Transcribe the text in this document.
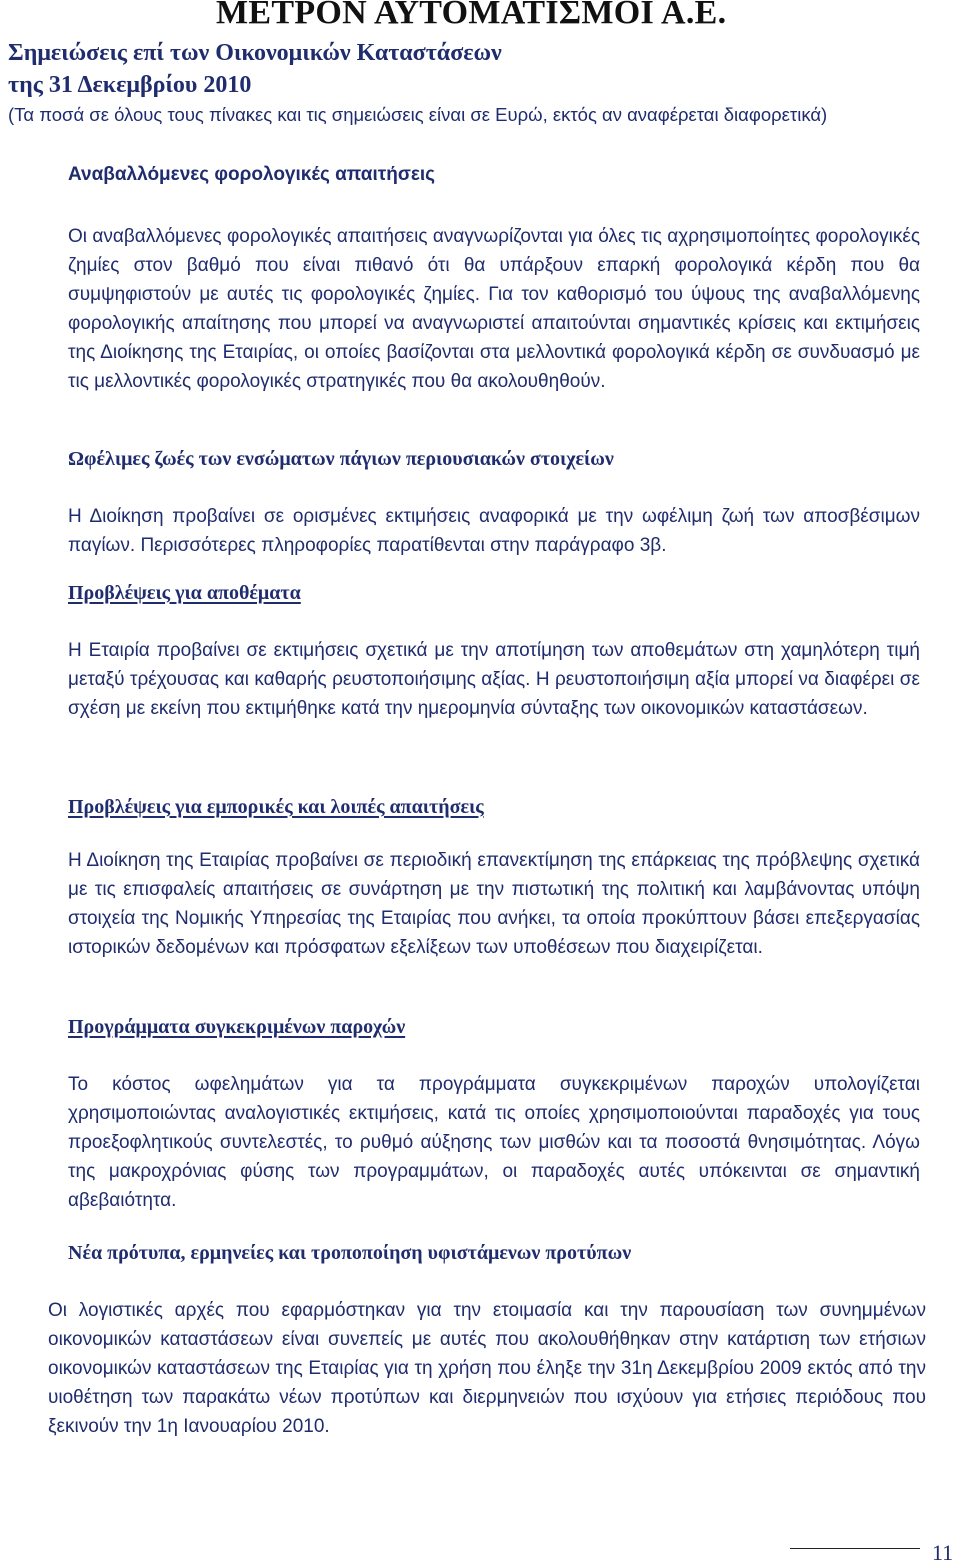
ΜΕΤΡΟΝ ΑΥΤΟΜΑΤΙΣΜΟΙ Α.Ε.
Σημειώσεις επί των Οικονομικών Καταστάσεων
της 31 Δεκεμβρίου 2010
(Τα ποσά σε όλους τους πίνακες και τις σημειώσεις είναι σε Ευρώ, εκτός αν αναφέρεται διαφορετικά)
Αναβαλλόμενες φορολογικές απαιτήσεις
Οι αναβαλλόμενες φορολογικές απαιτήσεις αναγνωρίζονται για όλες τις αχρησιμοποίητες φορολογικές ζημίες στον βαθμό που είναι πιθανό ότι θα υπάρξουν επαρκή φορολογικά κέρδη που θα συμψηφιστούν με αυτές τις φορολογικές ζημίες. Για τον καθορισμό του ύψους της αναβαλλόμενης φορολογικής απαίτησης που μπορεί να αναγνωριστεί απαιτούνται σημαντικές κρίσεις και εκτιμήσεις της Διοίκησης της Εταιρίας, οι οποίες βασίζονται στα μελλοντικά φορολογικά κέρδη σε συνδυασμό με τις μελλοντικές φορολογικές στρατηγικές που θα ακολουθηθούν.
Ωφέλιμες ζωές των ενσώματων πάγιων περιουσιακών στοιχείων
Η Διοίκηση προβαίνει σε ορισμένες εκτιμήσεις αναφορικά με την ωφέλιμη ζωή των αποσβέσιμων παγίων. Περισσότερες πληροφορίες παρατίθενται στην παράγραφο 3β.
Προβλέψεις για αποθέματα
Η Εταιρία προβαίνει σε εκτιμήσεις σχετικά με την αποτίμηση των αποθεμάτων στη χαμηλότερη τιμή μεταξύ τρέχουσας και καθαρής ρευστοποιήσιμης αξίας. Η ρευστοποιήσιμη αξία μπορεί να διαφέρει σε σχέση με εκείνη που εκτιμήθηκε κατά την ημερομηνία σύνταξης των οικονομικών καταστάσεων.
Προβλέψεις για εμπορικές και λοιπές απαιτήσεις
Η Διοίκηση της Εταιρίας προβαίνει σε περιοδική επανεκτίμηση της επάρκειας της πρόβλεψης σχετικά με τις επισφαλείς απαιτήσεις σε συνάρτηση με την πιστωτική της πολιτική και λαμβάνοντας υπόψη στοιχεία της Νομικής Υπηρεσίας της Εταιρίας που ανήκει, τα οποία προκύπτουν βάσει επεξεργασίας ιστορικών δεδομένων και πρόσφατων εξελίξεων των υποθέσεων που διαχειρίζεται.
Προγράμματα συγκεκριμένων παροχών
Το κόστος ωφελημάτων για τα προγράμματα συγκεκριμένων παροχών υπολογίζεται χρησιμοποιώντας αναλογιστικές εκτιμήσεις, κατά τις οποίες χρησιμοποιούνται παραδοχές για τους προεξοφλητικούς συντελεστές, το ρυθμό αύξησης των μισθών και τα ποσοστά θνησιμότητας. Λόγω της μακροχρόνιας φύσης των προγραμμάτων, οι παραδοχές αυτές υπόκεινται σε σημαντική αβεβαιότητα.
Νέα πρότυπα, ερμηνείες και τροποποίηση υφιστάμενων προτύπων
Οι λογιστικές αρχές που εφαρμόστηκαν για την ετοιμασία και την παρουσίαση των συνημμένων οικονομικών καταστάσεων είναι συνεπείς με αυτές που ακολουθήθηκαν στην κατάρτιση των ετήσιων οικονομικών καταστάσεων της Εταιρίας για τη χρήση που έληξε την 31η Δεκεμβρίου 2009 εκτός από την υιοθέτηση των παρακάτω νέων προτύπων και διερμηνειών που ισχύουν για ετήσιες περιόδους που ξεκινούν την 1η Ιανουαρίου 2010.
11
